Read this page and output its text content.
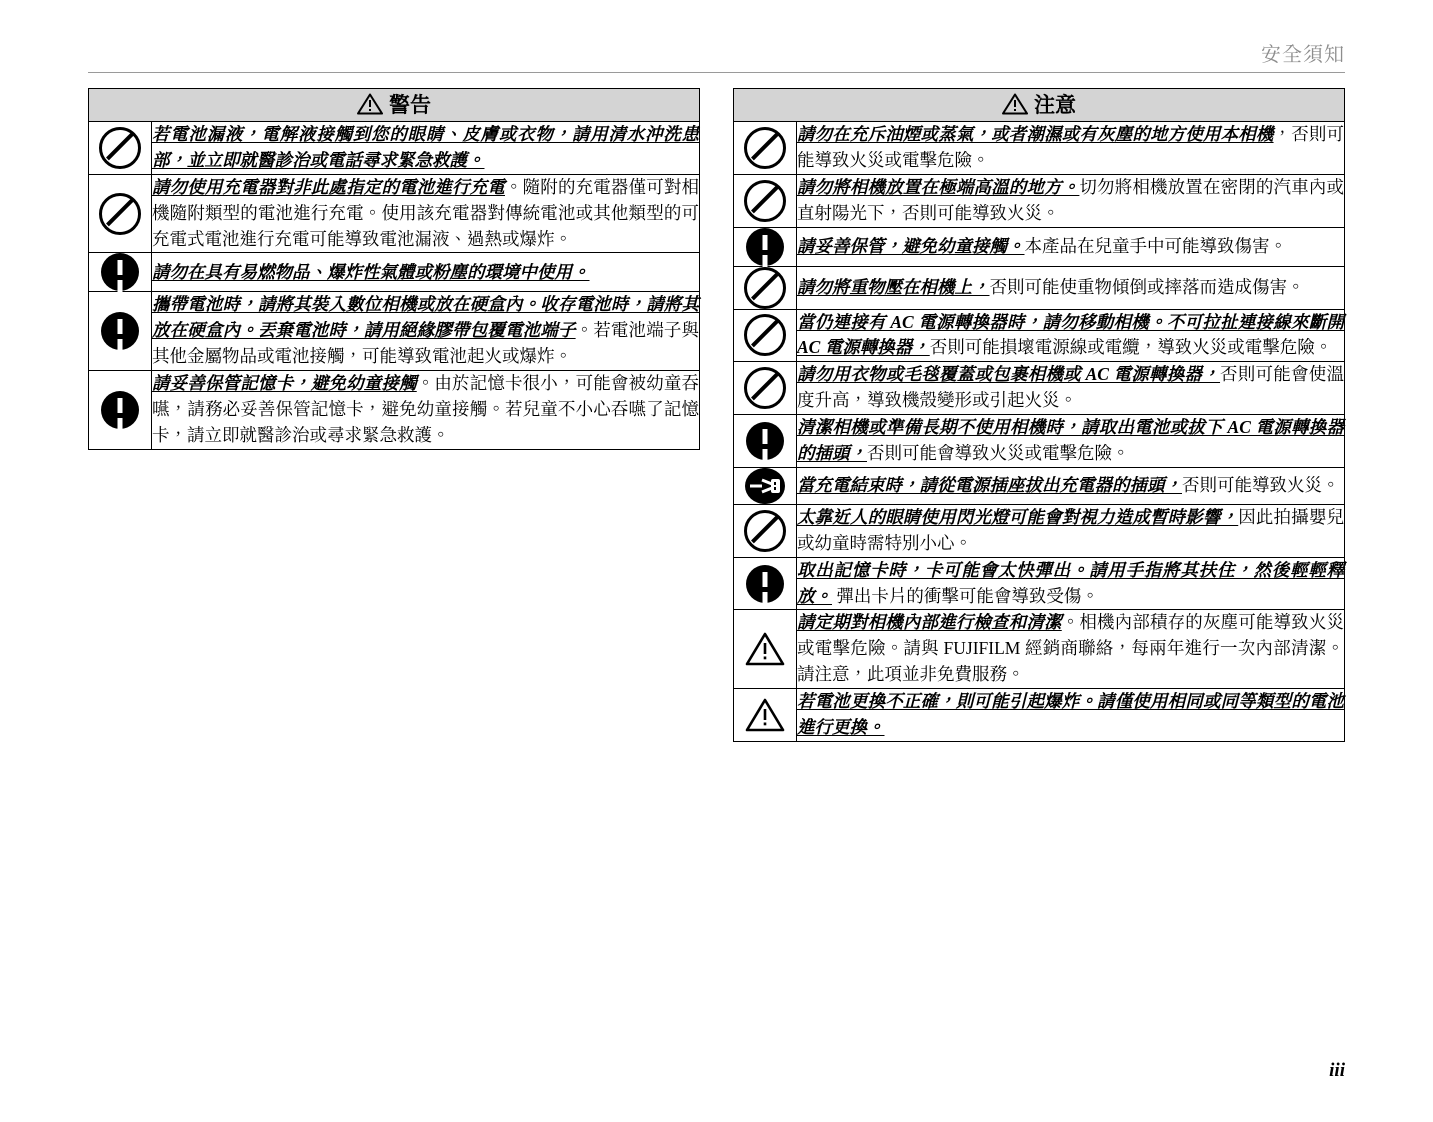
安全須知
警告	

	若電池漏液，電解液接觸到您的眼睛、皮膚或衣物，請用清水沖洗患部，並立即就醫診治或電話尋求緊急救護。
	請勿使用充電器對非此處指定的電池進行充電。隨附的充電器僅可對相機隨附類型的電池進行充電。使用該充電器對傳統電池或其他類型的可充電式電池進行充電可能導致電池漏液、過熱或爆炸。

	請勿在具有易燃物品、爆炸性氣體或粉塵的環境中使用。

	攜帶電池時，請將其裝入數位相機或放在硬盒內。收存電池時，請將其放在硬盒內。丟棄電池時，請用絕緣膠帶包覆電池端子。若電池端子與其他金屬物品或電池接觸，可能導致電池起火或爆炸。

	請妥善保管記憶卡，避免幼童接觸。由於記憶卡很小，可能會被幼童吞嚥，請務必妥善保管記憶卡，避免幼童接觸。若兒童不小心吞嚥了記憶卡，請立即就醫診治或尋求緊急救護。
注意	

	請勿在充斥油煙或蒸氣，或者潮濕或有灰塵的地方使用本相機，否則可能導致火災或電擊危險。
	請勿將相機放置在極端高溫的地方。切勿將相機放置在密閉的汽車內或直射陽光下，否則可能導致火災。

	請妥善保管，避免幼童接觸。本產品在兒童手中可能導致傷害。
	請勿將重物壓在相機上，否則可能使重物傾倒或摔落而造成傷害。
	當仍連接有 AC 電源轉換器時，請勿移動相機。不可拉扯連接線來斷開 AC 電源轉換器，否則可能損壞電源線或電纜，導致火災或電擊危險。
	請勿用衣物或毛毯覆蓋或包裹相機或 AC 電源轉換器，否則可能會使溫度升高，導致機殼變形或引起火災。

	清潔相機或準備長期不使用相機時，請取出電池或拔下 AC 電源轉換器的插頭，否則可能會導致火災或電擊危險。

	當充電結束時，請從電源插座拔出充電器的插頭，否則可能導致火災。
	太靠近人的眼睛使用閃光燈可能會對視力造成暫時影響，因此拍攝嬰兒或幼童時需特別小心。

	取出記憶卡時，卡可能會太快彈出。請用手指將其扶住，然後輕輕釋放。 彈出卡片的衝擊可能會導致受傷。

	請定期對相機內部進行檢查和清潔。相機內部積存的灰塵可能導致火災或電擊危險。請與 FUJIFILM 經銷商聯絡，每兩年進行一次內部清潔。請注意，此項並非免費服務。

	若電池更換不正確，則可能引起爆炸。請僅使用相同或同等類型的電池進行更換。
iii
